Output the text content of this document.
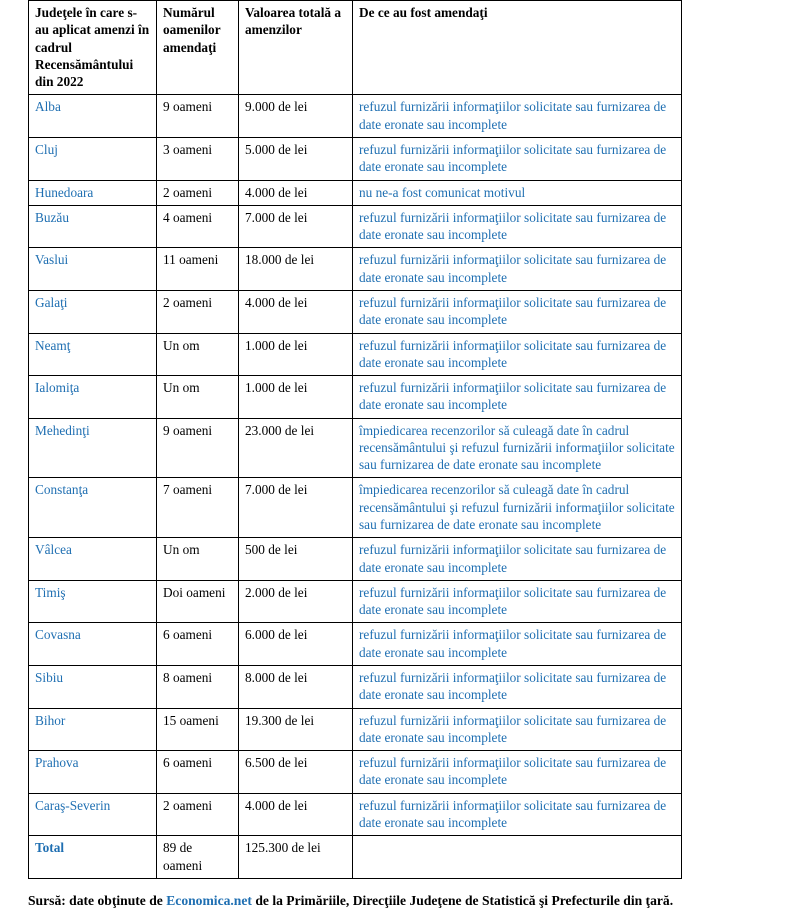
Judeţele în care s-au aplicat amenzi în cadrul Recensământului din 2022	Numărul oamenilor amendaţi	Valoarea totală a amenzilor	De ce au fost amendaţi
Alba	9 oameni	9.000 de lei	refuzul furnizării informaţiilor solicitate sau furnizarea de date eronate sau incomplete
Cluj	3 oameni	5.000 de lei	refuzul furnizării informaţiilor solicitate sau furnizarea de date eronate sau incomplete
Hunedoara	2 oameni	4.000 de lei	nu ne-a fost comunicat motivul
Buzău	4 oameni	7.000 de lei	refuzul furnizării informaţiilor solicitate sau furnizarea de date eronate sau incomplete
Vaslui	11 oameni	18.000 de lei	refuzul furnizării informaţiilor solicitate sau furnizarea de date eronate sau incomplete
Galaţi	2 oameni	4.000 de lei	refuzul furnizării informaţiilor solicitate sau furnizarea de date eronate sau incomplete
Neamţ	Un om	1.000 de lei	refuzul furnizării informaţiilor solicitate sau furnizarea de date eronate sau incomplete
Ialomiţa	Un om	1.000 de lei	refuzul furnizării informaţiilor solicitate sau furnizarea de date eronate sau incomplete
Mehedinţi	9 oameni	23.000 de lei	împiedicarea recenzorilor să culeagă date în cadrul recensământului şi refuzul furnizării informaţiilor solicitate sau furnizarea de date eronate sau incomplete
Constanţa	7 oameni	7.000 de lei	împiedicarea recenzorilor să culeagă date în cadrul recensământului şi refuzul furnizării informaţiilor solicitate sau furnizarea de date eronate sau incomplete
Vâlcea	Un om	500 de lei	refuzul furnizării informaţiilor solicitate sau furnizarea de date eronate sau incomplete
Timiş	Doi oameni	2.000 de lei	refuzul furnizării informaţiilor solicitate sau furnizarea de date eronate sau incomplete
Covasna	6 oameni	6.000 de lei	refuzul furnizării informaţiilor solicitate sau furnizarea de date eronate sau incomplete
Sibiu	8 oameni	8.000 de lei	refuzul furnizării informaţiilor solicitate sau furnizarea de date eronate sau incomplete
Bihor	15 oameni	19.300 de lei	refuzul furnizării informaţiilor solicitate sau furnizarea de date eronate sau incomplete
Prahova	6 oameni	6.500 de lei	refuzul furnizării informaţiilor solicitate sau furnizarea de date eronate sau incomplete
Caraş-Severin	2 oameni	4.000 de lei	refuzul furnizării informaţiilor solicitate sau furnizarea de date eronate sau incomplete
Total	89 de oameni	125.300 de lei	

Sursă: date obţinute de Economica.net de la Primăriile, Direcţiile Judeţene de Statistică şi Prefecturile din ţară.
